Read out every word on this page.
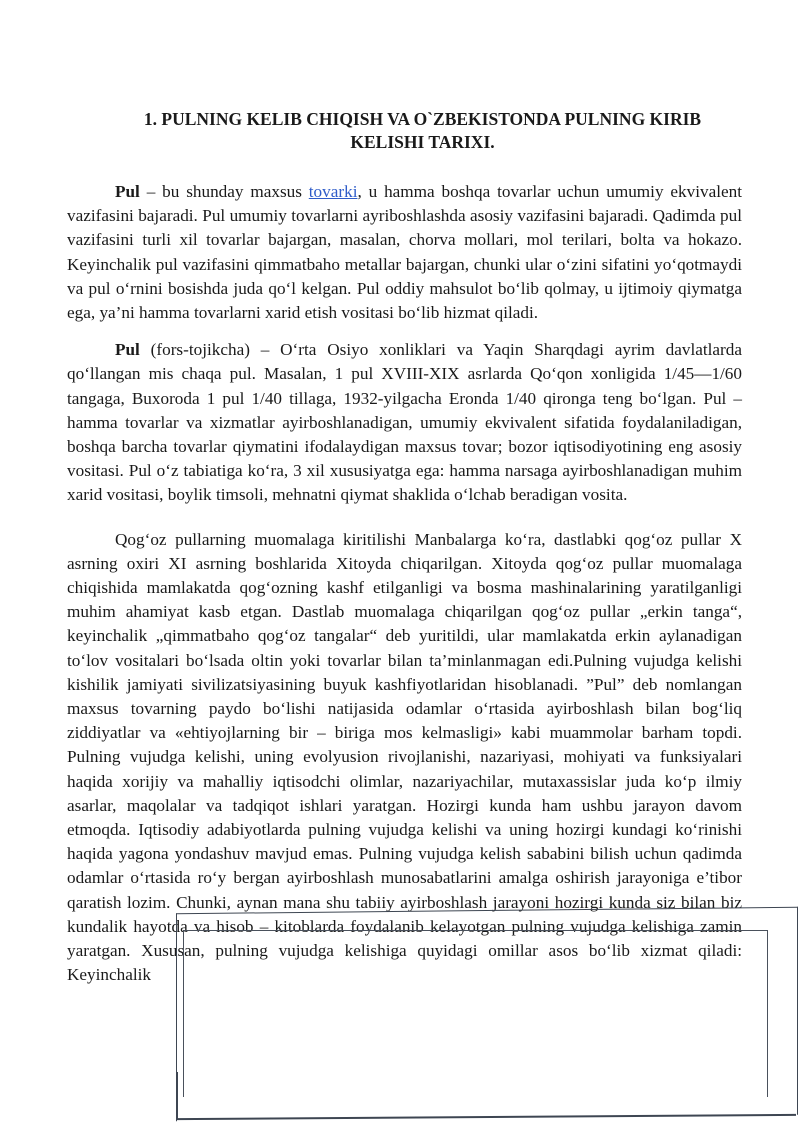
1. PULNING KELIB CHIQISH VA O`ZBEKISTONDA PULNING KIRIB
KELISHI TARIXI.

Pul – bu shunday maxsus tovarki, u hamma boshqa tovarlar uchun umumiy ekvivalent vazifasini bajaradi. Pul umumiy tovarlarni ayriboshlashda asosiy vazifasini bajaradi. Qadimda pul vazifasini turli xil tovarlar bajargan, masalan, chorva mollari, mol terilari, bolta va hokazo. Keyinchalik pul vazifasini qimmatbaho metallar bajargan, chunki ular o‘zini sifatini yo‘qotmaydi va pul o‘rnini bosishda juda qo‘l kelgan. Pul oddiy mahsulot bo‘lib qolmay, u ijtimoiy qiymatga ega, ya’ni hamma tovarlarni xarid etish vositasi bo‘lib hizmat qiladi.

Pul (fors-tojikcha) – O‘rta Osiyo xonliklari va Yaqin Sharqdagi ayrim davlatlarda qo‘llangan mis chaqa pul. Masalan, 1 pul XVIII-XIX asrlarda Qo‘qon xonligida 1/45—1/60 tangaga, Buxoroda 1 pul 1/40 tillaga, 1932-yilgacha Eronda 1/40 qironga teng bo‘lgan. Pul – hamma tovarlar va xizmatlar ayirboshlanadigan, umumiy ekvivalent sifatida foydalaniladigan, boshqa barcha tovarlar qiymatini ifodalaydigan maxsus tovar; bozor iqtisodiyotining eng asosiy vositasi. Pul o‘z tabiatiga ko‘ra, 3 xil xususiyatga ega: hamma narsaga ayirboshlanadigan muhim xarid vositasi, boylik timsoli, mehnatni qiymat shaklida o‘lchab beradigan vosita.

Qog‘oz pullarning muomalaga kiritilishi Manbalarga ko‘ra, dastlabki qog‘oz pullar X asrning oxiri XI asrning boshlarida Xitoyda chiqarilgan. Xitoyda qog‘oz pullar muomalaga chiqishida mamlakatda qog‘ozning kashf etilganligi va bosma mashinalarining yaratilganligi muhim ahamiyat kasb etgan. Dastlab muomalaga chiqarilgan qog‘oz pullar „erkin tanga“, keyinchalik „qimmatbaho qog‘oz tangalar“ deb yuritildi, ular mamlakatda erkin aylanadigan to‘lov vositalari bo‘lsada oltin yoki tovarlar bilan ta’minlanmagan edi.Pulning vujudga kelishi kishilik jamiyati sivilizatsiyasining buyuk kashfiyotlaridan hisoblanadi. ”Pul” deb nomlangan maxsus tovarning paydo bo‘lishi natijasida odamlar o‘rtasida ayirboshlash bilan bog‘liq ziddiyatlar va «ehtiyojlarning bir – biriga mos kelmasligi» kabi muammolar barham topdi. Pulning vujudga kelishi, uning evolyusion rivojlanishi, nazariyasi, mohiyati va funksiyalari haqida xorijiy va mahalliy iqtisodchi olimlar, nazariyachilar, mutaxassislar juda ko‘p ilmiy asarlar, maqolalar va tadqiqot ishlari yaratgan. Hozirgi kunda ham ushbu jarayon davom etmoqda. Iqtisodiy adabiyotlarda pulning vujudga kelishi va uning hozirgi kundagi ko‘rinishi haqida yagona yondashuv mavjud emas. Pulning vujudga kelish sababini bilish uchun qadimda odamlar o‘rtasida ro‘y bergan ayirboshlash munosabatlarini amalga oshirish jarayoniga e’tibor qaratish lozim. Chunki, aynan mana shu tabiiy ayirboshlash jarayoni hozirgi kunda siz bilan biz kundalik hayotda va hisob – kitoblarda foydalanib kelayotgan pulning vujudga kelishiga zamin yaratgan. Xususan, pulning vujudga kelishiga quyidagi omillar asos bo‘lib xizmat qiladi: Keyinchalik
